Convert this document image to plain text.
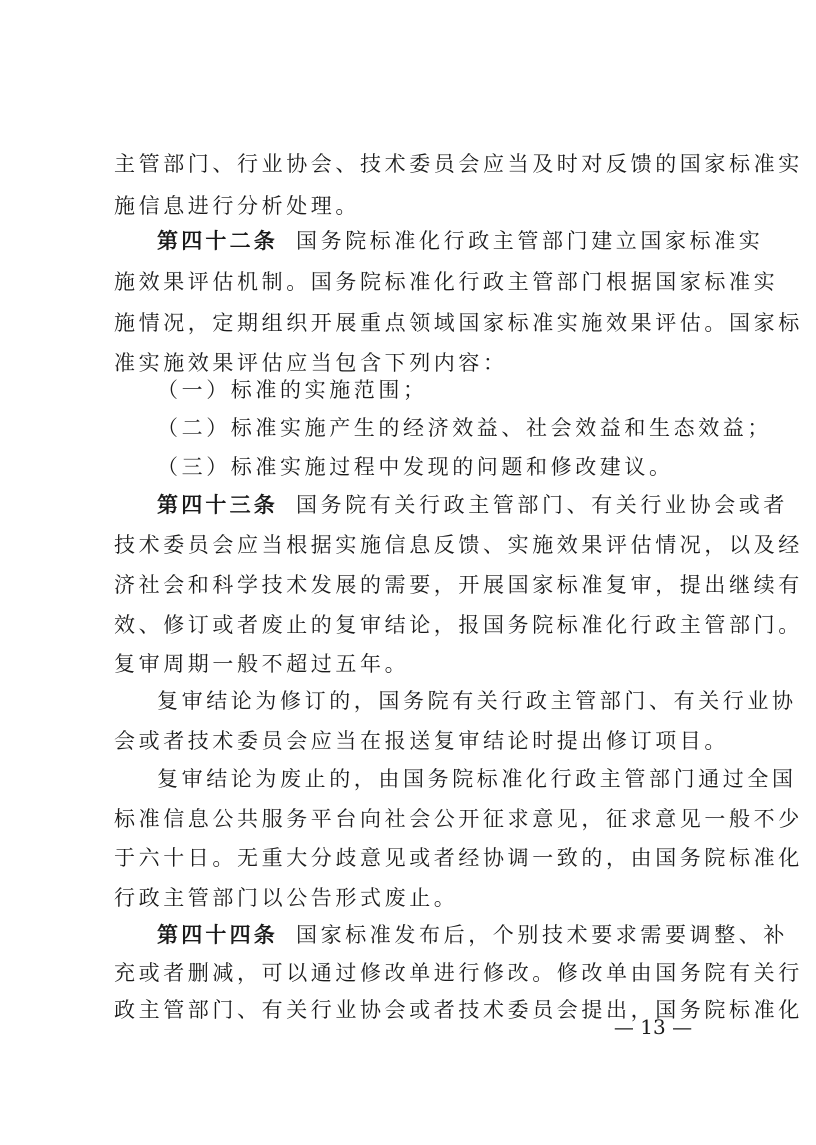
主管部门、行业协会、技术委员会应当及时对反馈的国家标准实
施信息进行分析处理。
第四十二条 国务院标准化行政主管部门建立国家标准实
施效果评估机制。国务院标准化行政主管部门根据国家标准实
施情况，定期组织开展重点领域国家标准实施效果评估。国家标
准实施效果评估应当包含下列内容：
（一）标准的实施范围；
（二）标准实施产生的经济效益、社会效益和生态效益；
（三）标准实施过程中发现的问题和修改建议。
第四十三条 国务院有关行政主管部门、有关行业协会或者
技术委员会应当根据实施信息反馈、实施效果评估情况，以及经
济社会和科学技术发展的需要，开展国家标准复审，提出继续有
效、修订或者废止的复审结论，报国务院标准化行政主管部门。
复审周期一般不超过五年。
复审结论为修订的，国务院有关行政主管部门、有关行业协
会或者技术委员会应当在报送复审结论时提出修订项目。
复审结论为废止的，由国务院标准化行政主管部门通过全国
标准信息公共服务平台向社会公开征求意见，征求意见一般不少
于六十日。无重大分歧意见或者经协调一致的，由国务院标准化
行政主管部门以公告形式废止。
第四十四条 国家标准发布后，个别技术要求需要调整、补
充或者删减，可以通过修改单进行修改。修改单由国务院有关行
政主管部门、有关行业协会或者技术委员会提出，国务院标准化
— 13 —
